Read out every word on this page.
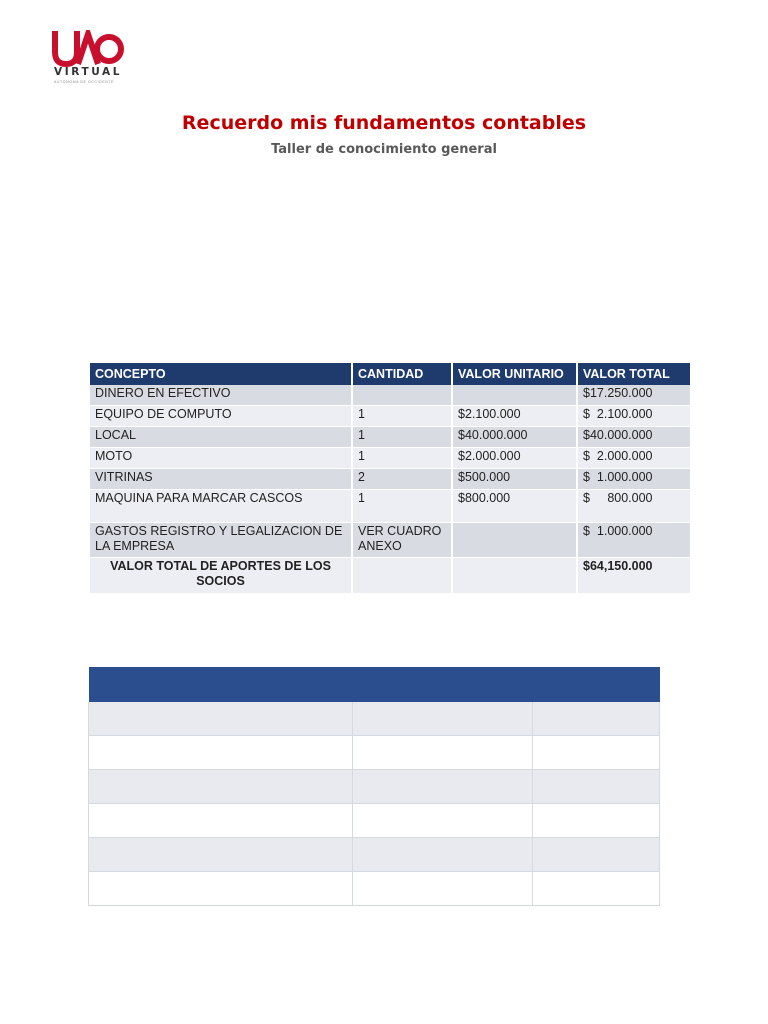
VIRTUAL
AUTÓNOMA DE OCCIDENTE
Recuerdo mis fundamentos contables
Taller de conocimiento general
CONCEPTO	CANTIDAD	VALOR UNITARIO	VALOR TOTAL
DINERO EN EFECTIVO			$17.250.000
EQUIPO DE COMPUTO	1	$2.100.000	$  2.100.000
LOCAL	1	$40.000.000	$40.000.000
MOTO	1	$2.000.000	$  2.000.000
VITRINAS	2	$500.000	$  1.000.000
MAQUINA PARA MARCAR CASCOS	1	$800.000	$     800.000
GASTOS REGISTRO Y LEGALIZACION DE LA EMPRESA	VER CUADRO ANEXO		$  1.000.000
VALOR TOTAL DE APORTES DE LOS SOCIOS			$64,150.000
